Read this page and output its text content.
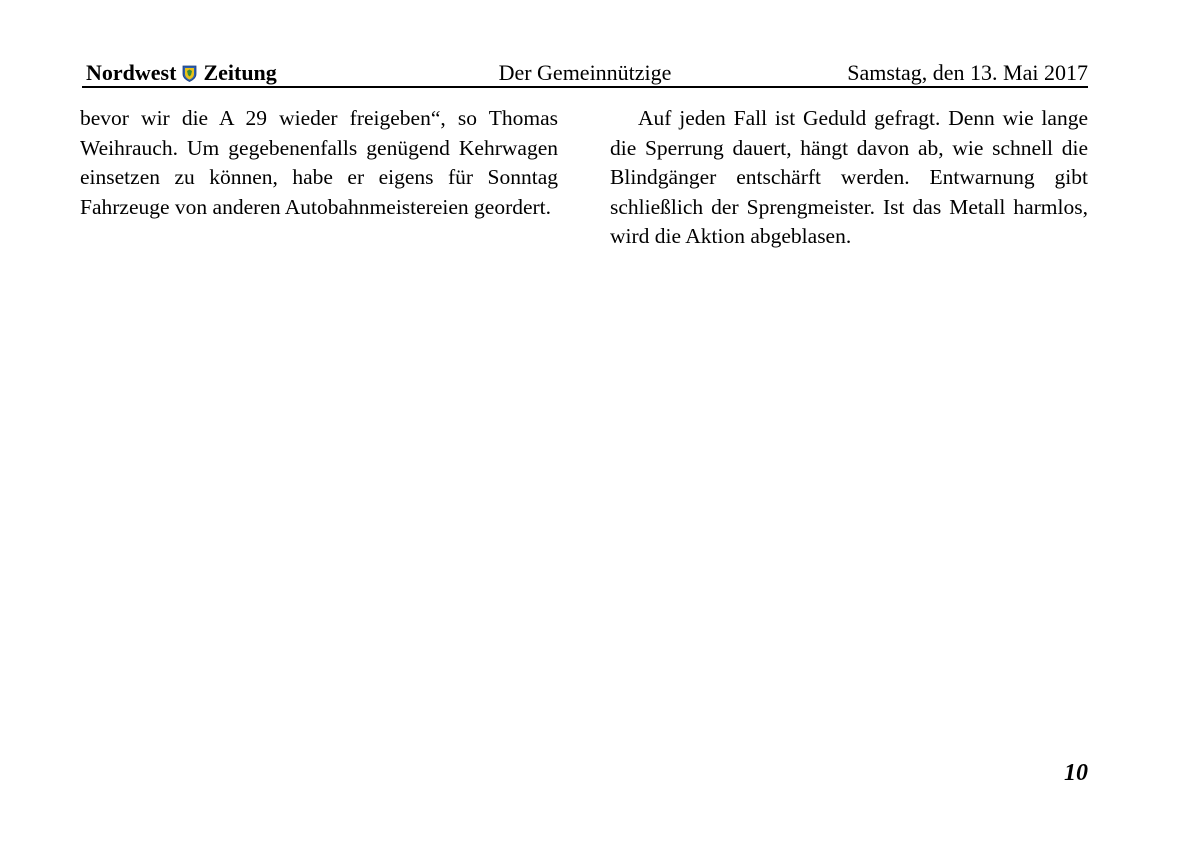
Nordwest Zeitung	Der Gemeinnützige	Samstag, den 13. Mai 2017

bevor wir die A 29 wieder freigeben“, so Thomas Weihrauch. Um gegebenenfalls genügend Kehrwagen einsetzen zu können, habe er eigens für Sonntag Fahrzeuge von anderen Autobahnmeistereien geordert.

Auf jeden Fall ist Geduld gefragt. Denn wie lange die Sperrung dauert, hängt davon ab, wie schnell die Blindgänger entschärft werden. Entwarnung gibt schließlich der Sprengmeister. Ist das Metall harmlos, wird die Aktion abgeblasen.

10
